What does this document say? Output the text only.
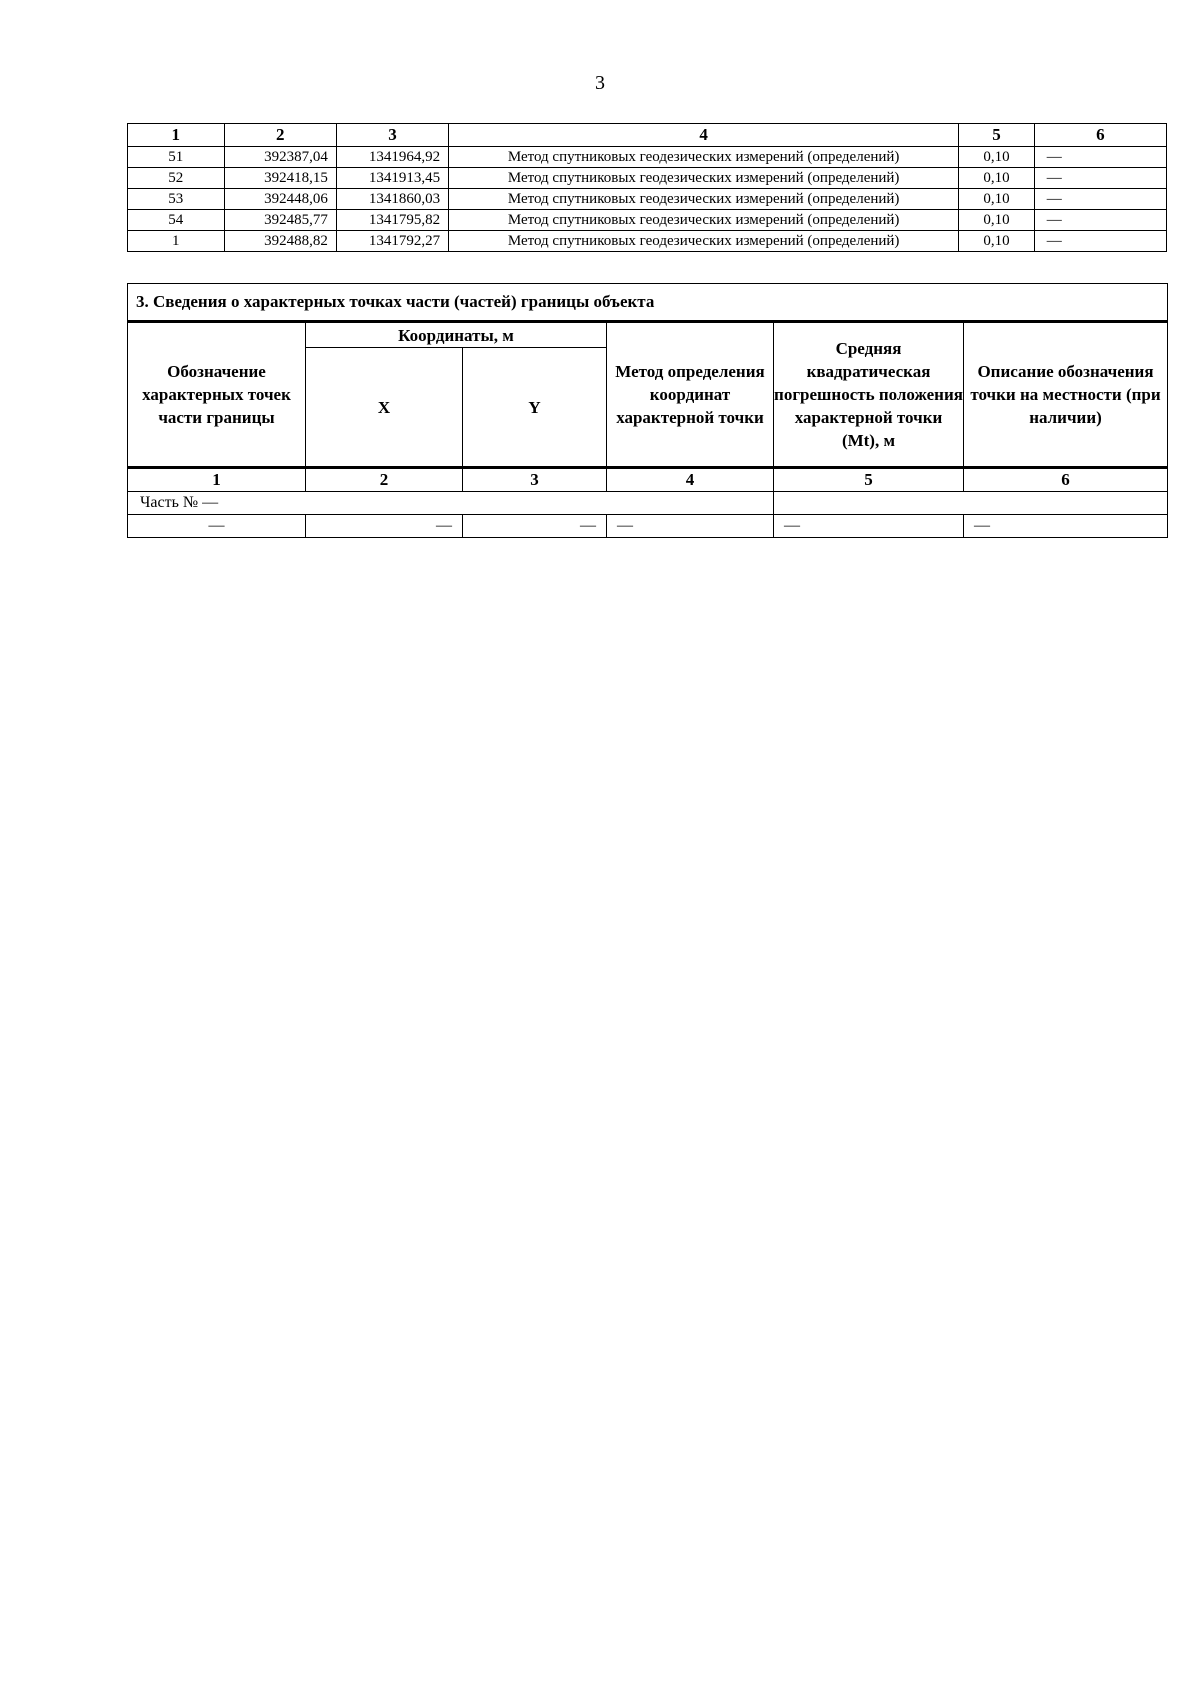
3
1	2	3	4	5	6
51	392387,04	1341964,92	Метод спутниковых геодезических измерений (определений)	0,10	—
52	392418,15	1341913,45	Метод спутниковых геодезических измерений (определений)	0,10	—
53	392448,06	1341860,03	Метод спутниковых геодезических измерений (определений)	0,10	—
54	392485,77	1341795,82	Метод спутниковых геодезических измерений (определений)	0,10	—
1	392488,82	1341792,27	Метод спутниковых геодезических измерений (определений)	0,10	—
3. Сведения о характерных точках части (частей) границы объекта					
Обозначение характерных точек части границы	Координаты, м		Метод определения координат характерной точки	Средняя квадратическая погрешность положения характерной точки (Mt), м	Описание обозначения точки на местности (при наличии)
	X	Y			
1	2	3	4	5	6
Часть № —					
—	—	—	—	—	—
